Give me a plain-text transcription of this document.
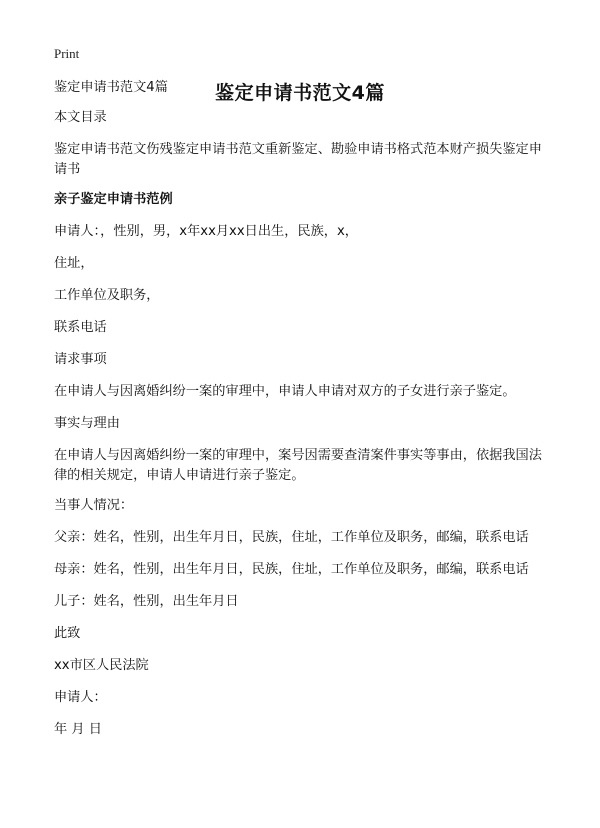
Print
鉴定申请书范文4篇

鉴定申请书范文4篇

本文目录

鉴定申请书范文伤残鉴定申请书范文重新鉴定、勘验申请书格式范本财产损失鉴定申请书

亲子鉴定申请书范例

申请人：，性别，男，x年xx月xx日出生，民族，x，

住址，

工作单位及职务，

联系电话

请求事项

在申请人与因离婚纠纷一案的审理中，申请人申请对双方的子女进行亲子鉴定。

事实与理由

在申请人与因离婚纠纷一案的审理中，案号因需要查清案件事实等事由，依据我国法律的相关规定，申请人申请进行亲子鉴定。

当事人情况：

父亲：姓名，性别，出生年月日，民族，住址，工作单位及职务，邮编，联系电话

母亲：姓名，性别，出生年月日，民族，住址，工作单位及职务，邮编，联系电话

儿子：姓名，性别，出生年月日

此致

xx市区人民法院

申请人：

年 月 日
